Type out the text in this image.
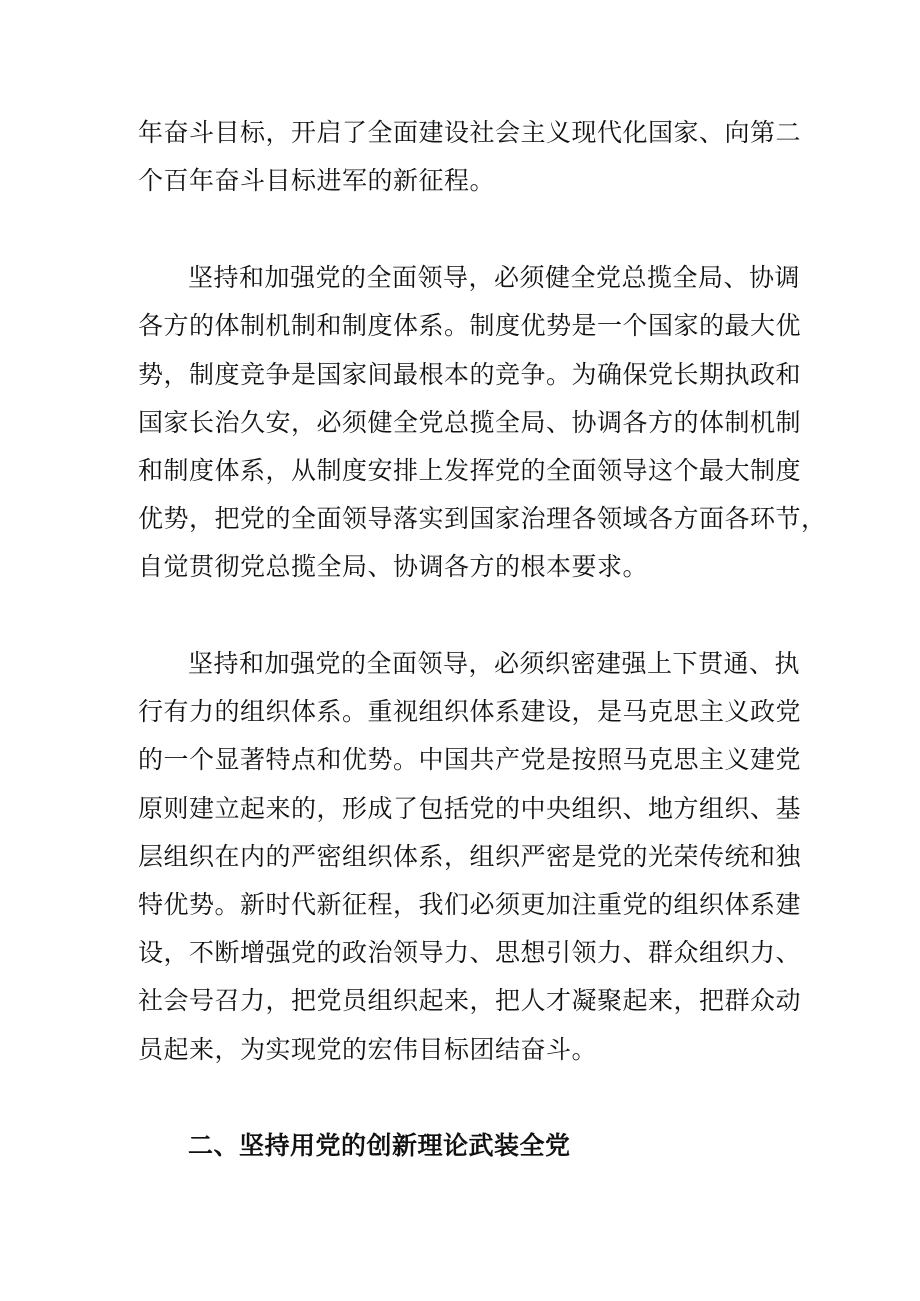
年奋斗目标，开启了全面建设社会主义现代化国家、向第二
个百年奋斗目标进军的新征程。
坚持和加强党的全面领导，必须健全党总揽全局、协调
各方的体制机制和制度体系。制度优势是一个国家的最大优
势，制度竞争是国家间最根本的竞争。为确保党长期执政和
国家长治久安，必须健全党总揽全局、协调各方的体制机制
和制度体系，从制度安排上发挥党的全面领导这个最大制度
优势，把党的全面领导落实到国家治理各领域各方面各环节，
自觉贯彻党总揽全局、协调各方的根本要求。
坚持和加强党的全面领导，必须织密建强上下贯通、执
行有力的组织体系。重视组织体系建设，是马克思主义政党
的一个显著特点和优势。中国共产党是按照马克思主义建党
原则建立起来的，形成了包括党的中央组织、地方组织、基
层组织在内的严密组织体系，组织严密是党的光荣传统和独
特优势。新时代新征程，我们必须更加注重党的组织体系建
设，不断增强党的政治领导力、思想引领力、群众组织力、
社会号召力，把党员组织起来，把人才凝聚起来，把群众动
员起来，为实现党的宏伟目标团结奋斗。
二、坚持用党的创新理论武装全党
